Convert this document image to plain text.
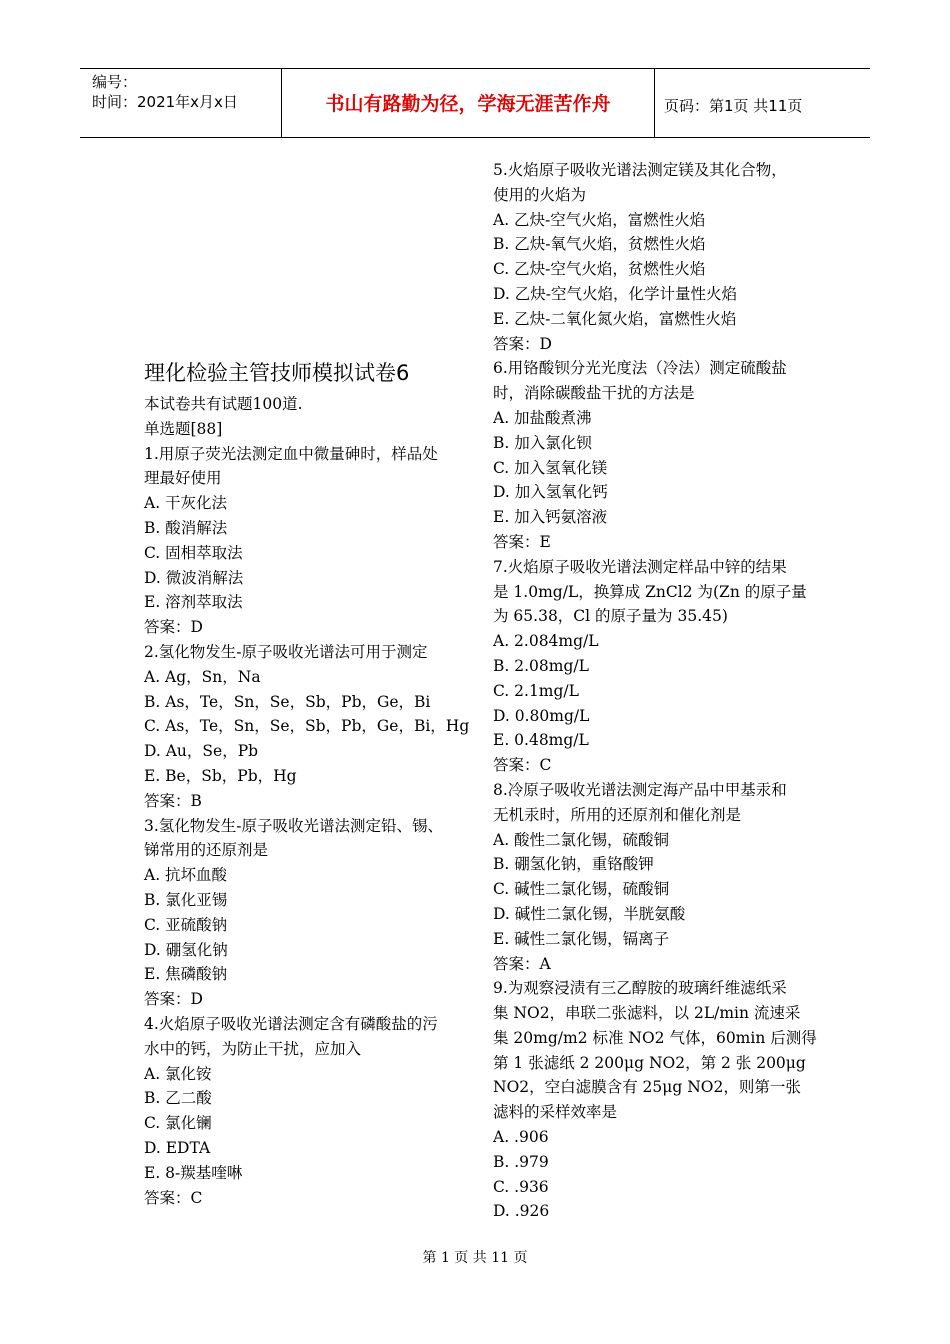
编号：
时间：2021年x月x日	书山有路勤为径，学海无涯苦作舟	页码：第1页 共11页
理化检验主管技师模拟试卷6
本试卷共有试题100道.
单选题[88]
1.用原子荧光法测定血中微量砷时，样品处
理最好使用
A. 干灰化法
B. 酸消解法
C. 固相萃取法
D. 微波消解法
E. 溶剂萃取法
答案：D
2.氢化物发生-原子吸收光谱法可用于测定
A. Ag，Sn，Na
B. As，Te，Sn，Se，Sb，Pb，Ge，Bi
C. As，Te，Sn，Se，Sb，Pb，Ge，Bi，Hg
D. Au，Se，Pb
E. Be，Sb，Pb，Hg
答案：B
3.氢化物发生-原子吸收光谱法测定铅、锡、
锑常用的还原剂是
A. 抗坏血酸
B. 氯化亚锡
C. 亚硫酸钠
D. 硼氢化钠
E. 焦磷酸钠
答案：D
4.火焰原子吸收光谱法测定含有磷酸盐的污
水中的钙，为防止干扰，应加入
A. 氯化铵
B. 乙二酸
C. 氯化镧
D. EDTA
E. 8-羰基喹啉
答案：C
5.火焰原子吸收光谱法测定镁及其化合物，
使用的火焰为
A. 乙炔-空气火焰，富燃性火焰
B. 乙炔-氧气火焰，贫燃性火焰
C. 乙炔-空气火焰，贫燃性火焰
D. 乙炔-空气火焰，化学计量性火焰
E. 乙炔-二氧化氮火焰，富燃性火焰
答案：D
6.用铬酸钡分光光度法（冷法）测定硫酸盐
时，消除碳酸盐干扰的方法是
A. 加盐酸煮沸
B. 加入氯化钡
C. 加入氢氧化镁
D. 加入氢氧化钙
E. 加入钙氨溶液
答案：E
7.火焰原子吸收光谱法测定样品中锌的结果
是 1.0mg/L，换算成 ZnCl2 为(Zn 的原子量
为 65.38，Cl 的原子量为 35.45)
A. 2.084mg/L
B. 2.08mg/L
C. 2.1mg/L
D. 0.80mg/L
E. 0.48mg/L
答案：C
8.冷原子吸收光谱法测定海产品中甲基汞和
无机汞时，所用的还原剂和催化剂是
A. 酸性二氯化锡，硫酸铜
B. 硼氢化钠，重铬酸钾
C. 碱性二氯化锡，硫酸铜
D. 碱性二氯化锡，半胱氨酸
E. 碱性二氯化锡，镉离子
答案：A
9.为观察浸渍有三乙醇胺的玻璃纤维滤纸采
集 NO2，串联二张滤料，以 2L/min 流速采
集 20mg/m2 标准 NO2 气体，60min 后测得
第 1 张滤纸 2 200μg NO2，第 2 张 200μg
NO2，空白滤膜含有 25μg NO2，则第一张
滤料的采样效率是
A. .906
B. .979
C. .936
D. .926
第 1 页 共 11 页
